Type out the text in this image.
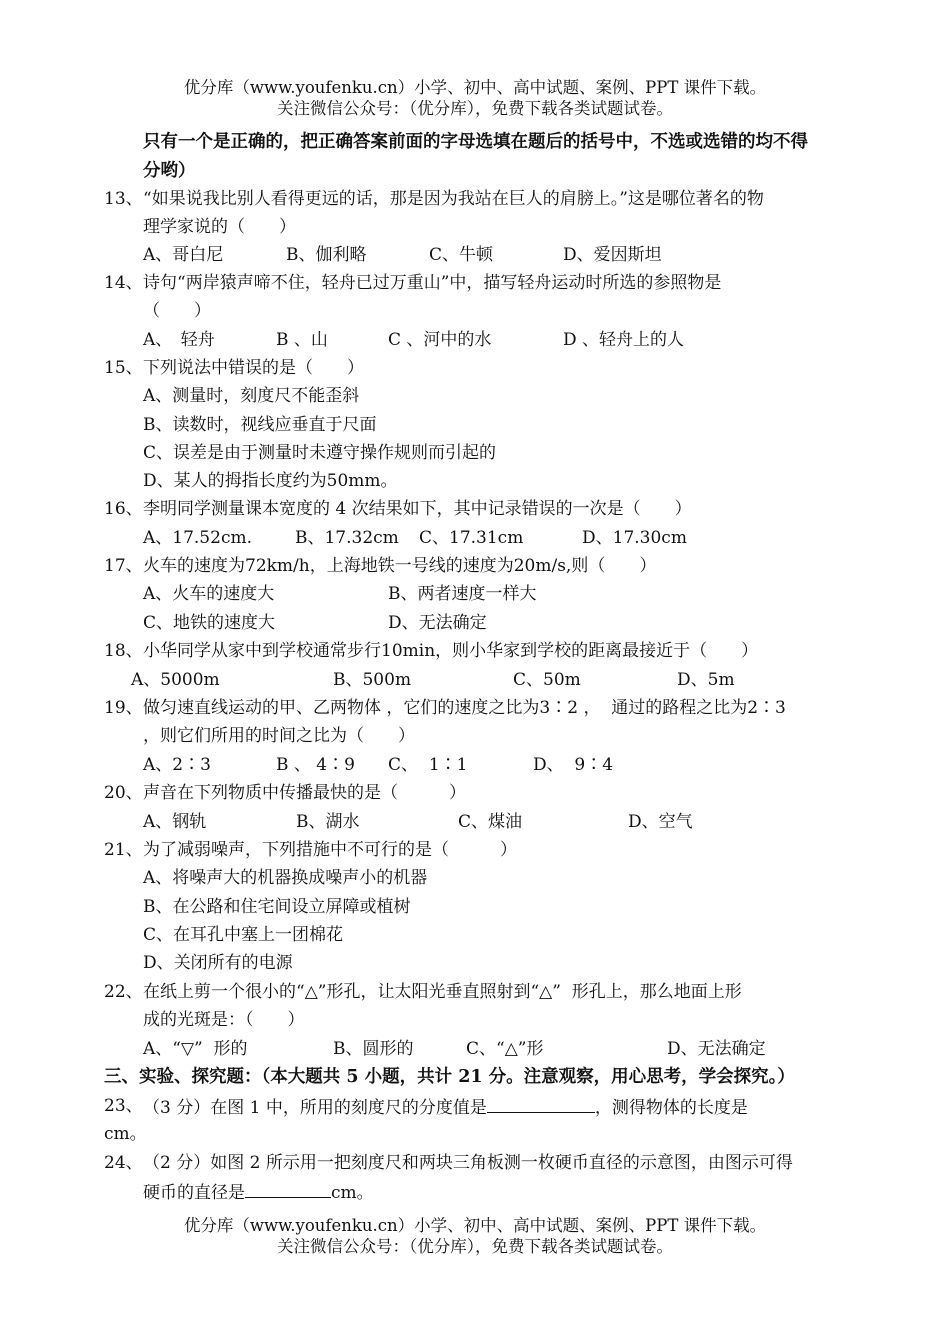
优分库（www.youfenku.cn）小学、初中、高中试题、案例、PPT 课件下载。
关注微信公众号：（优分库），免费下载各类试题试卷。
只有一个是正确的，把正确答案前面的字母选填在题后的括号中，不选或选错的均不得
分哟）
13、 “如果说我比别人看得更远的话，那是因为我站在巨人的肩膀上。”这是哪位著名的物
理学家说的（　　）
A、哥白尼	B、伽利略	C、牛顿	D、爱因斯坦
14、 诗句“两岸猿声啼不住，轻舟已过万重山”中，描写轻舟运动时所选的参照物是
（　　）
A、　轻舟	B 、山	C 、河中的水	D 、轻舟上的人
15、 下列说法中错误的是（　　）
A、测量时，刻度尺不能歪斜
B、读数时，视线应垂直于尺面
C、误差是由于测量时未遵守操作规则而引起的
D、某人的拇指长度约为50mm。
16、 李明同学测量课本宽度的 4 次结果如下，其中记录错误的一次是（　　）
A、17.52cm.	B、17.32cm C、17.31cm	D、17.30cm
17、 火车的速度为72km/h，上海地铁一号线的速度为20m/s,则（　　）
A、火车的速度大	B、两者速度一样大
C、地铁的速度大	D、无法确定
18、 小华同学从家中到学校通常步行10min，则小华家到学校的距离最接近于（　　）
A、5000m	B、500m	C、50m	D、5m
19、 做匀速直线运动的甲、乙两物体 ，它们的速度之比为3∶2 ，  通过的路程之比为2∶3
，则它们所用的时间之比为（　　）
A、2∶3	B 、 4∶9 C、  1∶1	D、  9∶4
20、 声音在下列物质中传播最快的是（　　　）
A、钢轨	B、湖水	C、煤油	D、空气
21、 为了减弱噪声，下列措施中不可行的是（　　　）
A、将噪声大的机器换成噪声小的机器
B、在公路和住宅间设立屏障或植树
C、在耳孔中塞上一团棉花
D、关闭所有的电源
22、 在纸上剪一个很小的“△”形孔，让太阳光垂直照射到“△”  形孔上，那么地面上形
成的光斑是：（　　）
A、“▽”  形的	B、圆形的	C、“△”形	D、无法确定
三、实验、探究题：（本大题共 5 小题，共计 21 分。注意观察，用心思考，学会探究。）
23、 （3 分）在图 1 中，所用的刻度尺的分度值是	，测得物体的长度是
cm。
24、 （2 分）如图 2 所示用一把刻度尺和两块三角板测一枚硬币直径的示意图，由图示可得
硬币的直径是	cm。
优分库（www.youfenku.cn）小学、初中、高中试题、案例、PPT 课件下载。
关注微信公众号：（优分库），免费下载各类试题试卷。
